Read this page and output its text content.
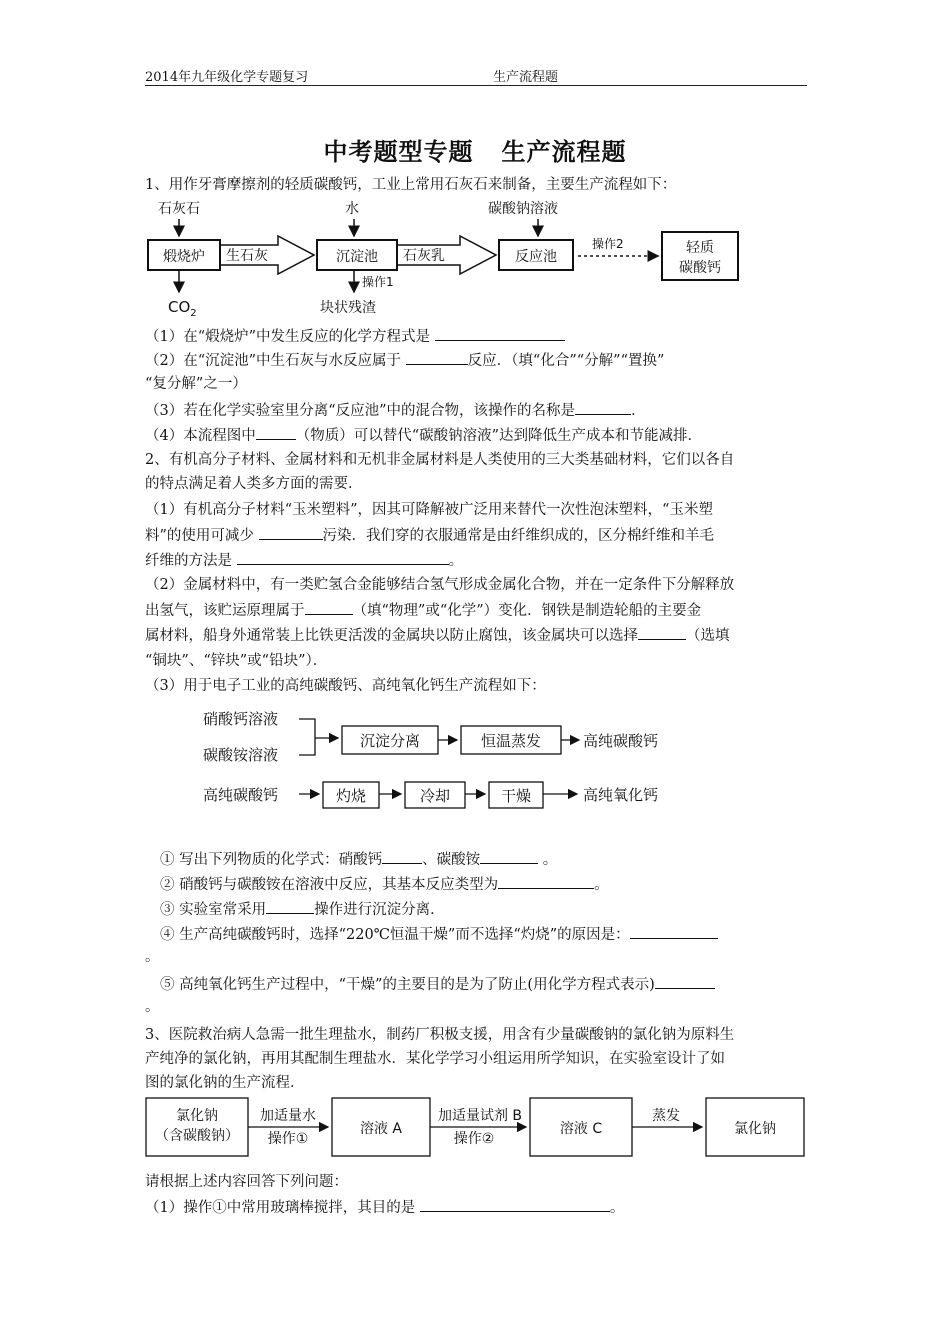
2014年九年级化学专题复习	生产流程题
中考题型专题   生产流程题
1、用作牙膏摩擦剂的轻质碳酸钙，工业上常用石灰石来制备，主要生产流程如下：
石灰石	水	碳酸钠溶液
煅烧炉 生石灰	沉淀池 石灰乳	反应池
操作2	轻质
碳酸钙
$CO_2$
操作1
块状残渣
（1）在“煅烧炉”中发生反应的化学方程式是
（2）在“沉淀池”中生石灰与水反应属于	反应．（填“化合”“分解”“置换”
“复分解”之一）
（3）若在化学实验室里分离“反应池”中的混合物，该操作的名称是	．
（4）本流程图中	（物质）可以替代“碳酸钠溶液”达到降低生产成本和节能减排．
2、有机高分子材料、金属材料和无机非金属材料是人类使用的三大类基础材料，它们以各自
的特点满足着人类多方面的需要．
（1）有机高分子材料“玉米塑料”，因其可降解被广泛用来替代一次性泡沫塑料，“玉米塑
料”的使用可减少	污染．我们穿的衣服通常是由纤维织成的，区分棉纤维和羊毛
纤维的方法是	。
（2）金属材料中，有一类贮氢合金能够结合氢气形成金属化合物，并在一定条件下分解释放
出氢气，该贮运原理属于	（填“物理”或“化学”）变化．钢铁是制造轮船的主要金
属材料，船身外通常装上比铁更活泼的金属块以防止腐蚀，该金属块可以选择	（选填
“铜块”、“锌块”或“铅块”）．
（3）用于电子工业的高纯碳酸钙、高纯氧化钙生产流程如下：
硝酸钙溶液
碳酸铵溶液
沉淀分离	恒温蒸发	高纯碳酸钙
高纯碳酸钙	灼烧	冷却	干燥	高纯氧化钙
① 写出下列物质的化学式：硝酸钙	、碳酸铵	。
② 硝酸钙与碳酸铵在溶液中反应，其基本反应类型为	。
③ 实验室常采用	操作进行沉淀分离．
④ 生产高纯碳酸钙时，选择“220℃恒温干燥”而不选择“灼烧”的原因是：
。
⑤ 高纯氧化钙生产过程中，“干燥”的主要目的是为了防止(用化学方程式表示)
。
3、医院救治病人急需一批生理盐水，制药厂积极支援，用含有少量碳酸钠的氯化钠为原料生
产纯净的氯化钠，再用其配制生理盐水．某化学学习小组运用所学知识，在实验室设计了如
图的氯化钠的生产流程．
氯化钠
（含碳酸钠）
加适量水
操作①
溶液 A
加适量试剂 B
操作②
溶液 C
蒸发
氯化钠
请根据上述内容回答下列问题：
（1）操作①中常用玻璃棒搅拌，其目的是	。
